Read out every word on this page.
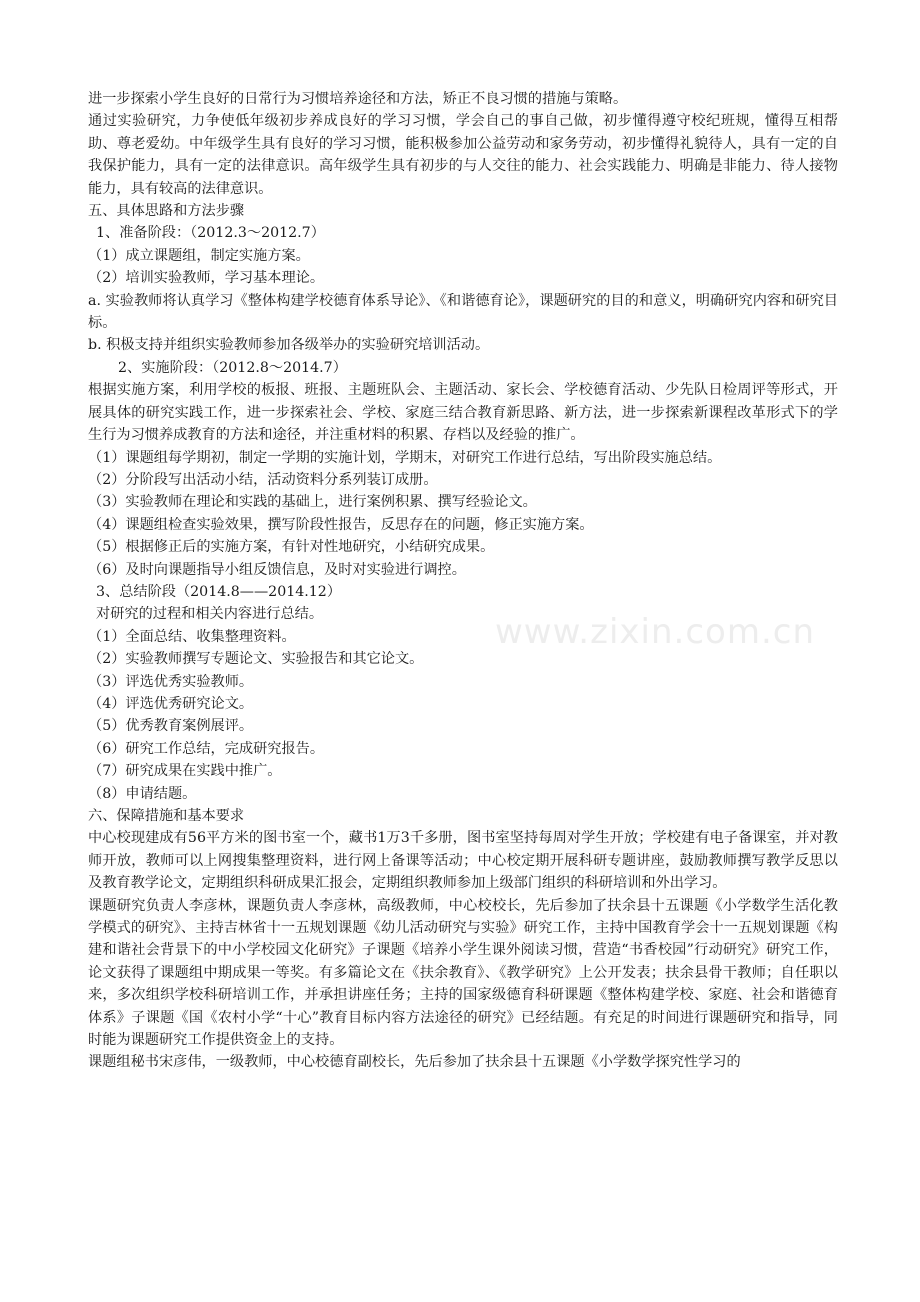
进一步探索小学生良好的日常行为习惯培养途径和方法，矫正不良习惯的措施与策略。

通过实验研究，力争使低年级初步养成良好的学习习惯，学会自己的事自己做，初步懂得遵守校纪班规，懂得互相帮助、尊老爱幼。中年级学生具有良好的学习习惯，能积极参加公益劳动和家务劳动，初步懂得礼貌待人，具有一定的自我保护能力，具有一定的法律意识。高年级学生具有初步的与人交往的能力、社会实践能力、明确是非能力、待人接物能力，具有较高的法律意识。

五、具体思路和方法步骤

1、准备阶段：（2012.3～2012.7）

（1）成立课题组，制定实施方案。

（2）培训实验教师，学习基本理论。

a. 实验教师将认真学习《整体构建学校德育体系导论》、《和谐德育论》，课题研究的目的和意义，明确研究内容和研究目标。

b. 积极支持并组织实验教师参加各级举办的实验研究培训活动。

2、实施阶段：（2012.8～2014.7）

根据实施方案，利用学校的板报、班报、主题班队会、主题活动、家长会、学校德育活动、少先队日检周评等形式，开展具体的研究实践工作，进一步探索社会、学校、家庭三结合教育新思路、新方法，进一步探索新课程改革形式下的学生行为习惯养成教育的方法和途径，并注重材料的积累、存档以及经验的推广。

（1）课题组每学期初，制定一学期的实施计划，学期末，对研究工作进行总结，写出阶段实施总结。

（2）分阶段写出活动小结，活动资料分系列装订成册。

（3）实验教师在理论和实践的基础上，进行案例积累、撰写经验论文。

（4）课题组检查实验效果，撰写阶段性报告，反思存在的问题，修正实施方案。

（5）根据修正后的实施方案，有针对性地研究，小结研究成果。

（6）及时向课题指导小组反馈信息，及时对实验进行调控。

3、总结阶段（2014.8——2014.12）

对研究的过程和相关内容进行总结。

（1）全面总结、收集整理资料。

（2）实验教师撰写专题论文、实验报告和其它论文。

（3）评选优秀实验教师。

（4）评选优秀研究论文。

（5）优秀教育案例展评。

（6）研究工作总结，完成研究报告。

（7）研究成果在实践中推广。

（8）申请结题。

六、保障措施和基本要求

中心校现建成有56平方米的图书室一个，藏书1万3千多册，图书室坚持每周对学生开放；学校建有电子备课室，并对教师开放，教师可以上网搜集整理资料，进行网上备课等活动；中心校定期开展科研专题讲座，鼓励教师撰写教学反思以及教育教学论文，定期组织科研成果汇报会，定期组织教师参加上级部门组织的科研培训和外出学习。

课题研究负责人李彦林，课题负责人李彦林，高级教师，中心校校长，先后参加了扶余县十五课题《小学数学生活化教学模式的研究》、主持吉林省十一五规划课题《幼儿活动研究与实验》研究工作，主持中国教育学会十一五规划课题《构建和谐社会背景下的中小学校园文化研究》子课题《培养小学生课外阅读习惯，营造“书香校园”行动研究》研究工作，论文获得了课题组中期成果一等奖。有多篇论文在《扶余教育》、《教学研究》上公开发表；扶余县骨干教师；自任职以来，多次组织学校科研培训工作，并承担讲座任务；主持的国家级德育科研课题《整体构建学校、家庭、社会和谐德育体系》子课题《国《农村小学“十心”教育目标内容方法途径的研究》已经结题。有充足的时间进行课题研究和指导，同时能为课题研究工作提供资金上的支持。

课题组秘书宋彦伟，一级教师，中心校德育副校长，先后参加了扶余县十五课题《小学数学探究性学习的

www.zixin.com.cn
